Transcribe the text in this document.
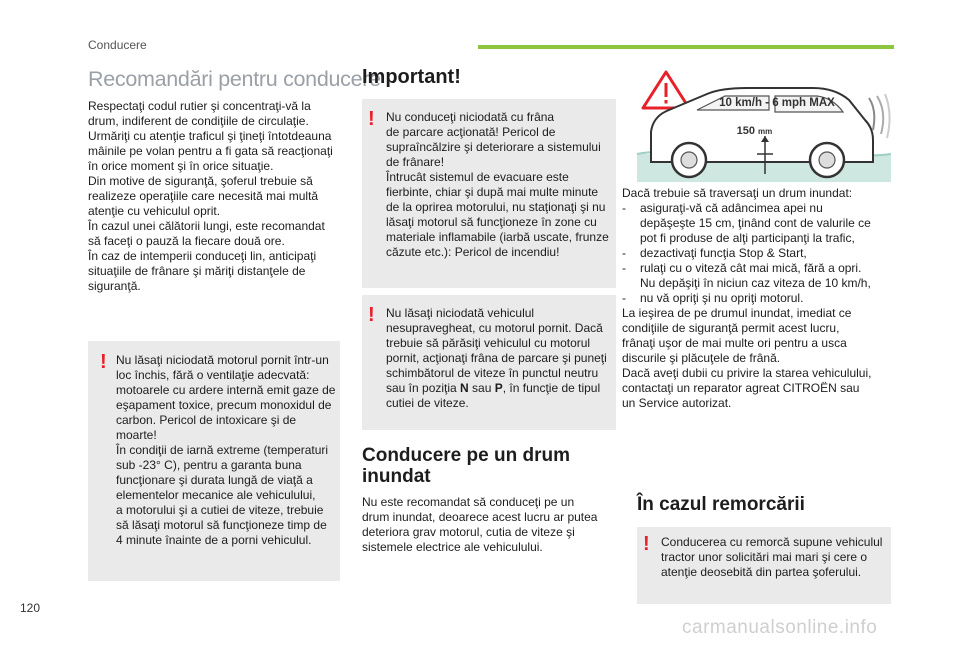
Conducere
Recomandări pentru conducere
Respectaţi codul rutier şi concentraţi-vă la
drum, indiferent de condiţiile de circulaţie.
Urmăriţi cu atenţie traficul şi ţineţi întotdeauna
mâinile pe volan pentru a fi gata să reacţionaţi
în orice moment şi în orice situaţie.
Din motive de siguranţă, şoferul trebuie să
realizeze operaţiile care necesită mai multă
atenţie cu vehiculul oprit.
În cazul unei călătorii lungi, este recomandat
să faceţi o pauză la fiecare două ore.
În caz de intemperii conduceţi lin, anticipaţi
situaţiile de frânare şi măriţi distanţele de
siguranţă.
! Nu lăsaţi niciodată motorul pornit într-un
loc închis, fără o ventilaţie adecvată:
motoarele cu ardere internă emit gaze de
eşapament toxice, precum monoxidul de
carbon. Pericol de intoxicare şi de moarte!
În condiţii de iarnă extreme (temperaturi
sub -23° C), pentru a garanta buna
funcţionare şi durata lungă de viaţă a
elementelor mecanice ale vehiculului,
a motorului şi a cutiei de viteze, trebuie
să lăsaţi motorul să funcţioneze timp de
4 minute înainte de a porni vehiculul.
Important!
! Nu conduceţi niciodată cu frâna
de parcare acţionată! Pericol de
supraîncălzire şi deteriorare a sistemului
de frânare!
Întrucât sistemul de evacuare este
fierbinte, chiar şi după mai multe minute
de la oprirea motorului, nu staţionaţi şi nu
lăsaţi motorul să funcţioneze în zone cu
materiale inflamabile (iarbă uscate, frunze
căzute etc.): Pericol de incendiu!
! Nu lăsaţi niciodată vehiculul
nesupravegheat, cu motorul pornit. Dacă
trebuie să părăsiţi vehiculul cu motorul
pornit, acţionaţi frâna de parcare şi puneţi
schimbătorul de viteze în punctul neutru
sau în poziţia N sau P, în funcţie de tipul
cutiei de viteze.
Conducere pe un drum
inundat
Nu este recomandat să conduceţi pe un
drum inundat, deoarece acest lucru ar putea
deteriora grav motorul, cutia de viteze şi
sistemele electrice ale vehiculului.
10 km/h - 6 mph MAX
150 mm
Dacă trebuie să traversaţi un drum inundat:
- asiguraţi-vă că adâncimea apei nu
depăşeşte 15 cm, ţinând cont de valurile ce
pot fi produse de alţi participanţi la trafic,
- dezactivaţi funcţia Stop & Start,
- rulaţi cu o viteză cât mai mică, fără a opri.
Nu depăşiţi în niciun caz viteza de 10 km/h,
- nu vă opriţi şi nu opriţi motorul.
La ieşirea de pe drumul inundat, imediat ce
condiţiile de siguranţă permit acest lucru,
frânaţi uşor de mai multe ori pentru a usca
discurile şi plăcuţele de frână.
Dacă aveţi dubii cu privire la starea vehiculului,
contactaţi un reparator agreat CITROËN sau
un Service autorizat.
În cazul remorcării
! Conducerea cu remorcă supune vehiculul
tractor unor solicitări mai mari şi cere o
atenţie deosebită din partea şoferului.
120
carmanualsonline.info
